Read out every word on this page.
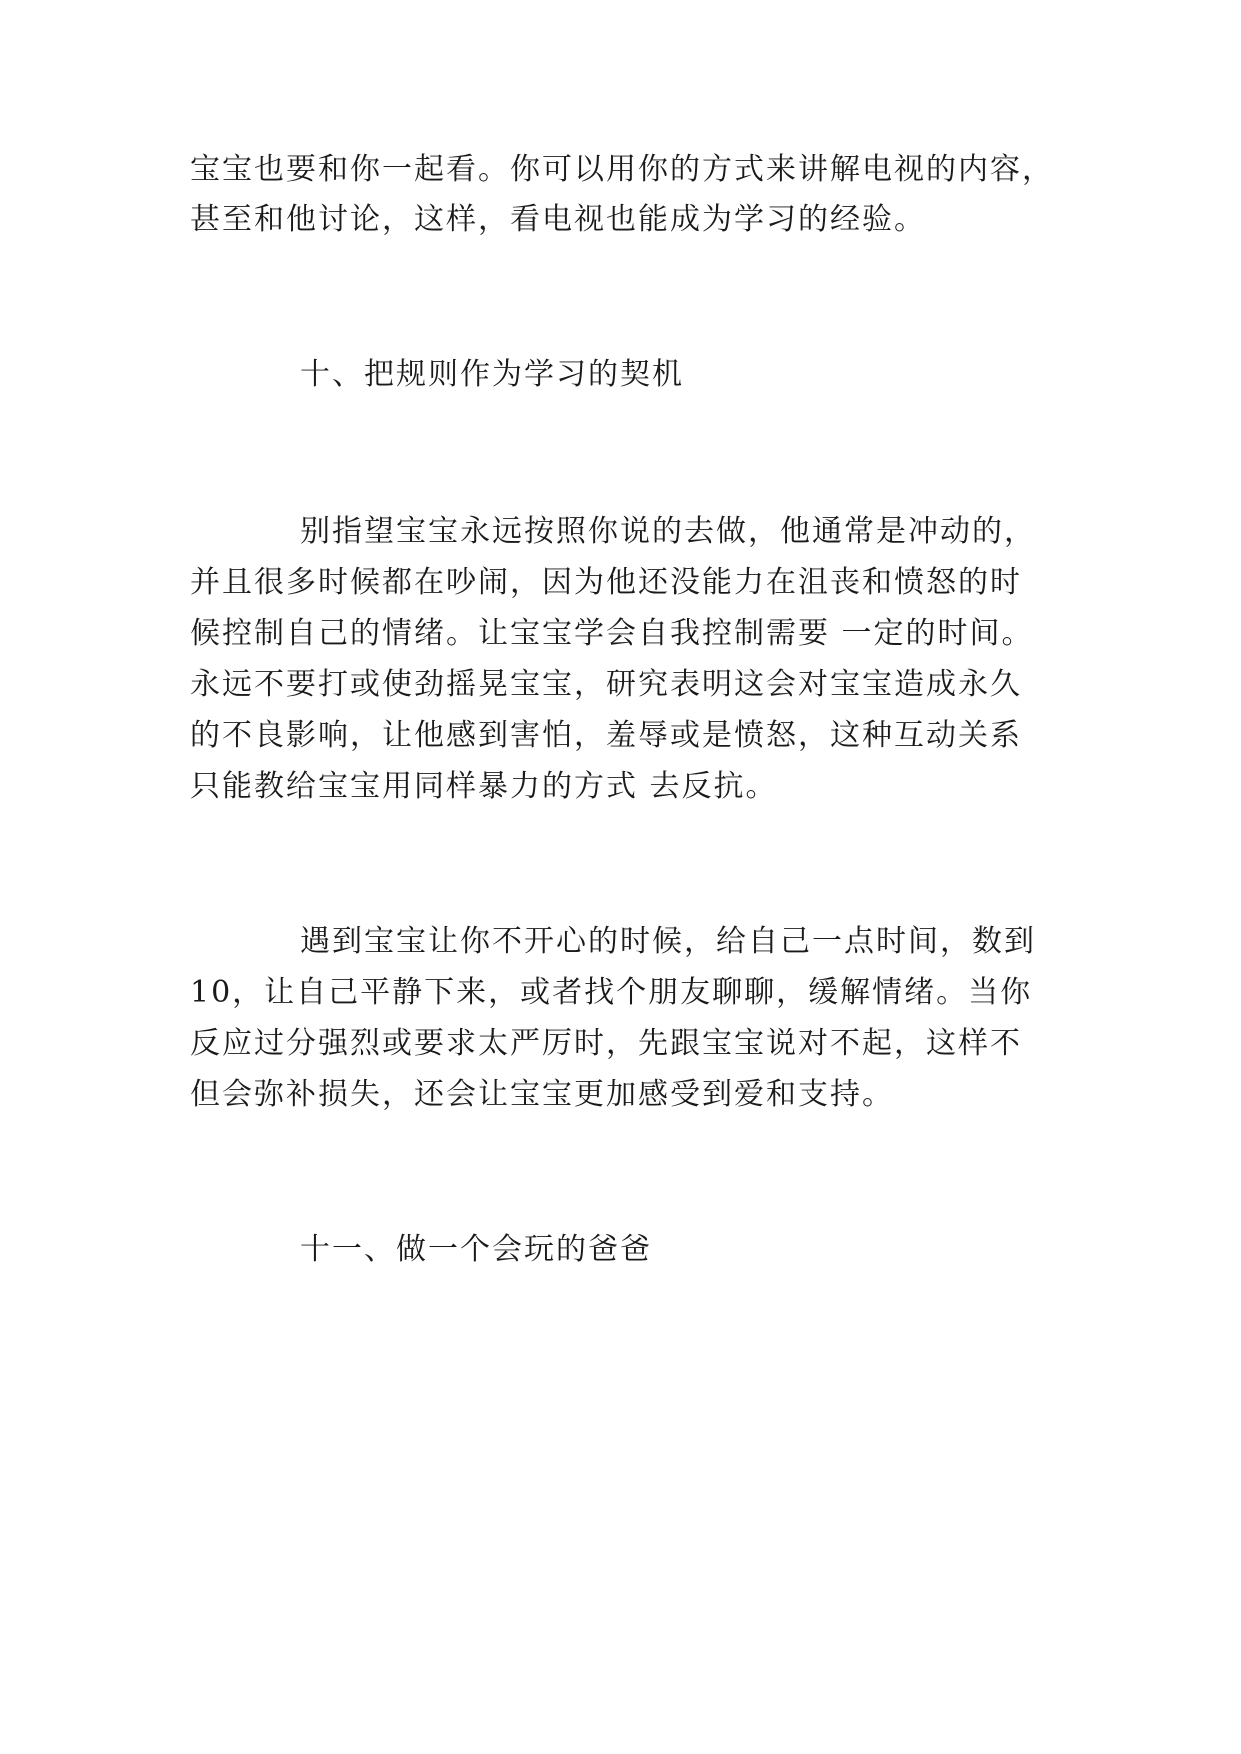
宝宝也要和你一起看。你可以用你的方式来讲解电视的内容，
甚至和他讨论，这样，看电视也能成为学习的经验。
十、把规则作为学习的契机
别指望宝宝永远按照你说的去做，他通常是冲动的，
并且很多时候都在吵闹，因为他还没能力在沮丧和愤怒的时
候控制自己的情绪。让宝宝学会自我控制需要 一定的时间。
永远不要打或使劲摇晃宝宝，研究表明这会对宝宝造成永久
的不良影响，让他感到害怕，羞辱或是愤怒，这种互动关系
只能教给宝宝用同样暴力的方式 去反抗。
遇到宝宝让你不开心的时候，给自己一点时间，数到
10，让自己平静下来，或者找个朋友聊聊，缓解情绪。当你
反应过分强烈或要求太严厉时，先跟宝宝说对不起，这样不
但会弥补损失，还会让宝宝更加感受到爱和支持。
十一、做一个会玩的爸爸
